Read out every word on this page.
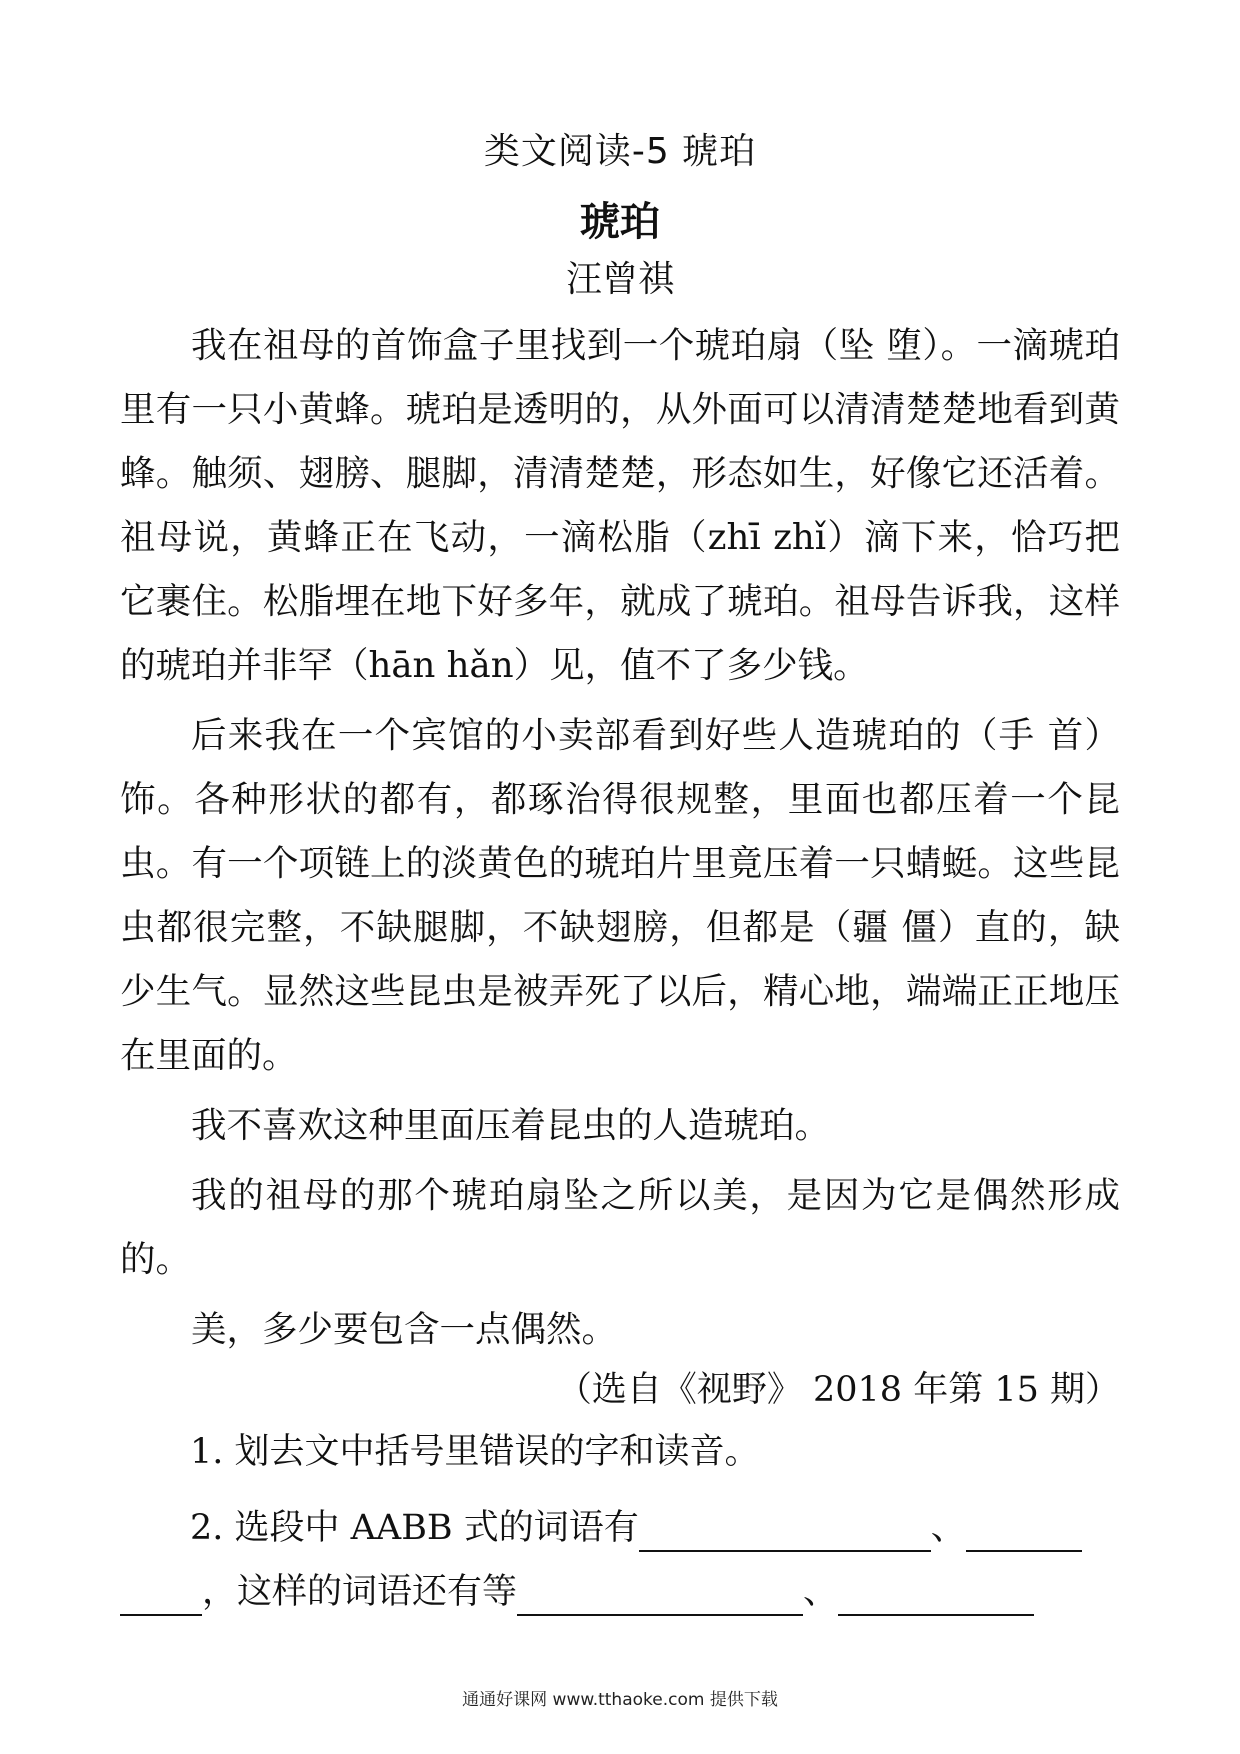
类文阅读-5 琥珀
琥珀
汪曾祺

我在祖母的首饰盒子里找到一个琥珀扇（坠 堕）。一滴琥珀里有一只小黄蜂。琥珀是透明的，从外面可以清清楚楚地看到黄蜂。触须、翅膀、腿脚，清清楚楚，形态如生，好像它还活着。祖母说，黄蜂正在飞动，一滴松脂（zhī zhǐ）滴下来，恰巧把它裹住。松脂埋在地下好多年，就成了琥珀。祖母告诉我，这样的琥珀并非罕（hān hǎn）见，值不了多少钱。

后来我在一个宾馆的小卖部看到好些人造琥珀的（手 首）饰。各种形状的都有，都琢治得很规整，里面也都压着一个昆虫。有一个项链上的淡黄色的琥珀片里竟压着一只蜻蜓。这些昆虫都很完整，不缺腿脚，不缺翅膀，但都是（疆 僵）直的，缺少生气。显然这些昆虫是被弄死了以后，精心地，端端正正地压在里面的。

我不喜欢这种里面压着昆虫的人造琥珀。

我的祖母的那个琥珀扇坠之所以美，是因为它是偶然形成的。

美，多少要包含一点偶然。

（选自《视野》 2018 年第 15 期）
1. 划去文中括号里错误的字和读音。
2. 选段中 AABB 式的词语有	、
，这样的词语还有等	、
通通好课网 www.tthaoke.com 提供下载
